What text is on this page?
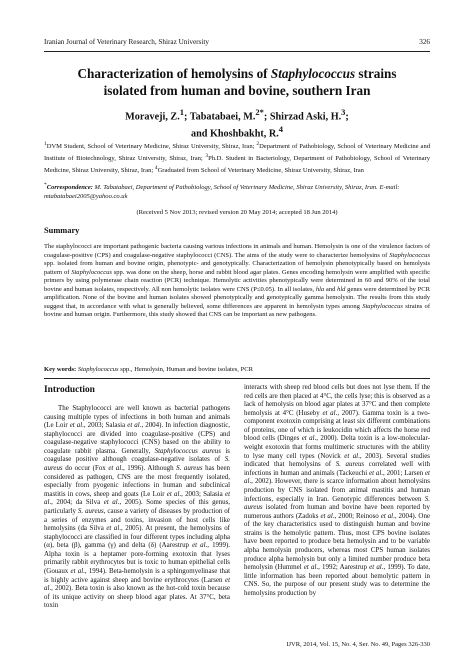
Iranian Journal of Veterinary Research, Shiraz University	326
Characterization of hemolysins of Staphylococcus strains
isolated from human and bovine, southern Iran
Moraveji, Z.$^1$; Tabatabaei, M.$^{2*}$; Shirzad Aski, H.$^3$;
and Khoshbakht, R.$^4$
$^1$DVM Student, School of Veterinary Medicine, Shiraz University, Shiraz, Iran; $^2$Department of Pathobiology, School of Veterinary Medicine and Institute of Biotechnology, Shiraz University, Shiraz, Iran; $^3$Ph.D. Student in Bacteriology, Department of Pathobiology, School of Veterinary Medicine, Shiraz University, Shiraz, Iran; $^4$Graduated from School of Veterinary Medicine, Shiraz University, Shiraz, Iran
*Correspondence: M. Tabatabaei, Department of Pathobiology, School of Veterinary Medicine, Shiraz University, Shiraz, Iran. E-mail: mtabatabaei2005@yahoo.co.uk
(Received 5 Nov 2013; revised version 20 May 2014; accepted 18 Jun 2014)
Summary
The staphylococci are important pathogenic bacteria causing various infections in animals and human. Hemolysin is one of the virulence factors of coagulase-positive (CPS) and coagulase-negative staphylococci (CNS). The aims of the study were to characterize hemolysins of Staphylococcus spp. isolated from human and bovine origin, phenotypic- and genotypically. Characterization of hemolysin phenotypically based on hemolysis pattern of Staphylococcus spp. was done on the sheep, horse and rabbit blood agar plates. Genes encoding hemolysin were amplified with specific primers by using polymerase chain reaction (PCR) technique. Hemolytic activities phenotypically were determined in 60 and 90% of the total bovine and human isolates, respectively. All non hemolytic isolates were CNS (P≤0.05). In all isolates, hla and hld genes were determined by PCR amplification. None of the bovine and human isolates showed phenotypically and genotypically gamma hemolysin. The results from this study suggest that, in accordance with what is generally believed, some differences are apparent in hemolysin types among Staphylococcus strains of bovine and human origin. Furthermore, this study showed that CNS can be important as new pathogens.
Key words: Staphylococcus spp., Hemolysin, Human and bovine isolates, PCR
Introduction

The Staphylococci are well known as bacterial pathogens causing multiple types of infections in both human and animals (Le Loir et al., 2003; Salasia et al., 2004). In infection diagnostic, staphylococci are divided into coagulase-positive (CPS) and coagulase-negative staphylococci (CNS) based on the ability to coagulate rabbit plasma. Generally, Staphylococcus aureus is coagulase positive although coagulase-negative isolates of S. aureus do occur (Fox et al., 1996). Although S. aureus has been considered as pathogen, CNS are the most frequently isolated, especially from pyogenic infections in human and subclinical mastitis in cows, sheep and goats (Le Loir et al., 2003; Salasia et al., 2004; da Silva et al., 2005). Some species of this genus, particularly S. aureus, cause a variety of diseases by production of a series of enzymes and toxins, invasion of host cells like hemolysins (da Silva et al., 2005). At present, the hemolysins of staphylococci are classified in four different types including alpha (α), beta (β), gamma (γ) and delta (δ) (Aarestrup et al., 1999). Alpha toxin is a heptamer pore-forming exotoxin that lyses primarily rabbit erythrocytes but is toxic to human epithelial cells (Gouaux et al., 1994). Beta-hemolysin is a sphingomyelinase that is highly active against sheep and bovine erythrocytes (Larsen et al., 2002). Beta toxin is also known as the hot-cold toxin because of its unique activity on sheep blood agar plates. At 37°C, beta toxin

interacts with sheep red blood cells but does not lyse them. If the red cells are then placed at 4°C, the cells lyse; this is observed as a lack of hemolysis on blood agar plates at 37°C and then complete hemolysis at 4°C (Huseby et al., 2007). Gamma toxin is a two-component exotoxin comprising at least six different combinations of proteins, one of which is leukocidin which affects the horse red blood cells (Dinges et al., 2000). Delta toxin is a low-molecular-weight exotoxin that forms multimeric structures with the ability to lyse many cell types (Novick et al., 2003). Several studies indicated that hemolysins of S. aureus correlated well with infections in human and animals (Tackeuchi et al., 2001; Larsen et al., 2002). However, there is scarce information about hemolysins production by CNS isolated from animal mastitis and human infections, especially in Iran. Genotypic differences between S. aureus isolated from human and bovine have been reported by numerous authors (Zadoks et al., 2000; Reinoso et al., 2004). One of the key characteristics used to distinguish human and bovine strains is the hemolytic pattern. Thus, most CPS bovine isolates have been reported to produce beta hemolysin and to be variable alpha hemolysin producers, whereas most CPS human isolates produce alpha hemolysin but only a limited number produce beta hemolysin (Hummel et al., 1992; Aarestrup et al., 1999). To date, little information has been reported about hemolytic pattern in CNS. So, the purpose of our present study was to determine the hemolysins production by

IJVR, 2014, Vol. 15, No. 4, Ser. No. 49, Pages 326-330
